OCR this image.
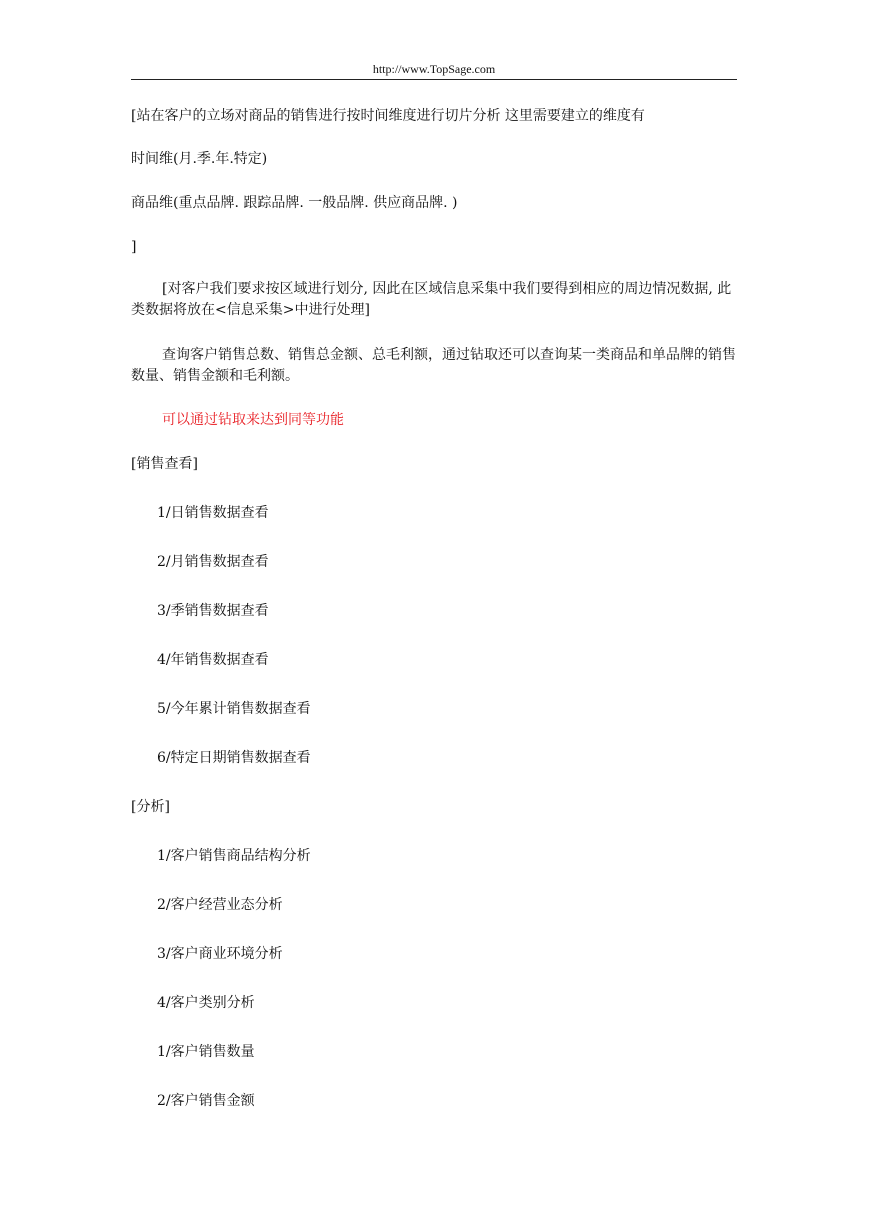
http://www.TopSage.com
[站在客户的立场对商品的销售进行按时间维度进行切片分析 这里需要建立的维度有
时间维(月.季.年.特定)
商品维(重点品牌. 跟踪品牌. 一般品牌. 供应商品牌. )
]
[对客户我们要求按区域进行划分, 因此在区域信息采集中我们要得到相应的周边情况数据, 此类数据将放在<信息采集>中进行处理]
查询客户销售总数、销售总金额、总毛利额，通过钻取还可以查询某一类商品和单品牌的销售数量、销售金额和毛利额。
可以通过钻取来达到同等功能
[销售查看]
1/日销售数据查看
2/月销售数据查看
3/季销售数据查看
4/年销售数据查看
5/今年累计销售数据查看
6/特定日期销售数据查看
[分析]
1/客户销售商品结构分析
2/客户经营业态分析
3/客户商业环境分析
4/客户类别分析
1/客户销售数量
2/客户销售金额
